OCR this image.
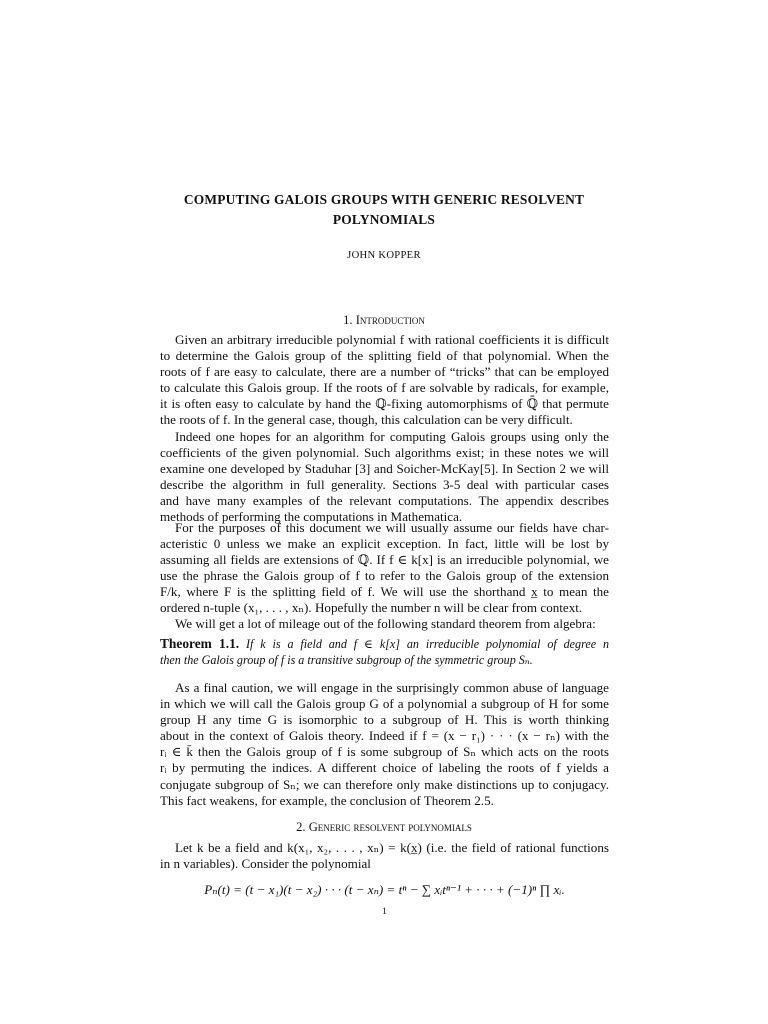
COMPUTING GALOIS GROUPS WITH GENERIC RESOLVENT
POLYNOMIALS
JOHN KOPPER
1. Introduction
Given an arbitrary irreducible polynomial f with rational coefficients it is difficult
to determine the Galois group of the splitting field of that polynomial. When the
roots of f are easy to calculate, there are a number of “tricks” that can be employed
to calculate this Galois group. If the roots of f are solvable by radicals, for example,
it is often easy to calculate by hand the ℚ-fixing automorphisms of ℚ̄ that permute
the roots of f. In the general case, though, this calculation can be very difficult.
Indeed one hopes for an algorithm for computing Galois groups using only the
coefficients of the given polynomial. Such algorithms exist; in these notes we will
examine one developed by Staduhar [3] and Soicher-McKay[5]. In Section 2 we will
describe the algorithm in full generality. Sections 3-5 deal with particular cases
and have many examples of the relevant computations. The appendix describes
methods of performing the computations in Mathematica.
For the purposes of this document we will usually assume our fields have char-
acteristic 0 unless we make an explicit exception. In fact, little will be lost by
assuming all fields are extensions of ℚ. If f ∈ k[x] is an irreducible polynomial, we
use the phrase the Galois group of f to refer to the Galois group of the extension
F/k, where F is the splitting field of f. We will use the shorthand x̲ to mean the
ordered n-tuple (x₁, . . . , xₙ). Hopefully the number n will be clear from context.
We will get a lot of mileage out of the following standard theorem from algebra:
Theorem 1.1. If k is a field and f ∈ k[x] an irreducible polynomial of degree n
then the Galois group of f is a transitive subgroup of the symmetric group Sₙ.
As a final caution, we will engage in the surprisingly common abuse of language
in which we will call the Galois group G of a polynomial a subgroup of H for some
group H any time G is isomorphic to a subgroup of H. This is worth thinking
about in the context of Galois theory. Indeed if f = (x − r₁) · · · (x − rₙ) with the
rᵢ ∈ k̄ then the Galois group of f is some subgroup of Sₙ which acts on the roots
rᵢ by permuting the indices. A different choice of labeling the roots of f yields a
conjugate subgroup of Sₙ; we can therefore only make distinctions up to conjugacy.
This fact weakens, for example, the conclusion of Theorem 2.5.
2. Generic resolvent polynomials
Let k be a field and k(x₁, x₂, . . . , xₙ) = k(x̲) (i.e. the field of rational functions
in n variables). Consider the polynomial
Pₙ(t) = (t − x₁)(t − x₂) · · · (t − xₙ) = tⁿ − ∑ xᵢtⁿ⁻¹ + · · · + (−1)ⁿ ∏ xᵢ.
1
